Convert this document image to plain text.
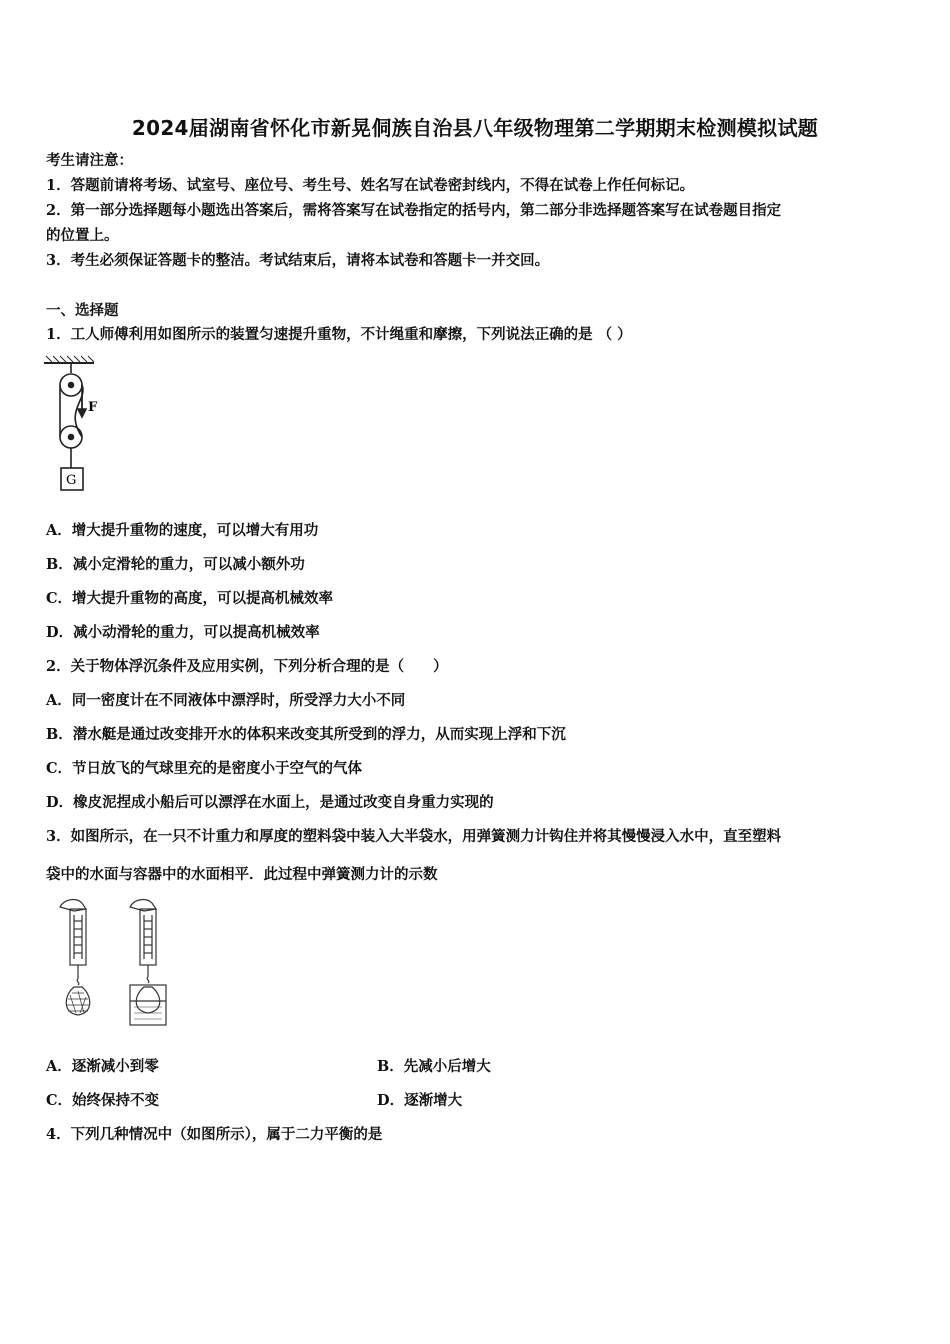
2024届湖南省怀化市新晃侗族自治县八年级物理第二学期期末检测模拟试题
考生请注意：
1．答题前请将考场、试室号、座位号、考生号、姓名写在试卷密封线内，不得在试卷上作任何标记。
2．第一部分选择题每小题选出答案后，需将答案写在试卷指定的括号内，第二部分非选择题答案写在试卷题目指定
的位置上。
3．考生必须保证答题卡的整洁。考试结束后，请将本试卷和答题卡一并交回。
一、选择题
1．工人师傅利用如图所示的装置匀速提升重物，不计绳重和摩擦，下列说法正确的是 （ ）
F
G
A．增大提升重物的速度，可以增大有用功
B．减小定滑轮的重力，可以减小额外功
C．增大提升重物的高度，可以提高机械效率
D．减小动滑轮的重力，可以提高机械效率
2．关于物体浮沉条件及应用实例，下列分析合理的是（　　）
A．同一密度计在不同液体中漂浮时，所受浮力大小不同
B．潜水艇是通过改变排开水的体积来改变其所受到的浮力，从而实现上浮和下沉
C．节日放飞的气球里充的是密度小于空气的气体
D．橡皮泥捏成小船后可以漂浮在水面上，是通过改变自身重力实现的
3．如图所示，在一只不计重力和厚度的塑料袋中装入大半袋水，用弹簧测力计钩住并将其慢慢浸入水中，直至塑料
袋中的水面与容器中的水面相平．此过程中弹簧测力计的示数
A．逐渐减小到零	B．先减小后增大
C．始终保持不变	D．逐渐增大
4．下列几种情况中（如图所示），属于二力平衡的是
